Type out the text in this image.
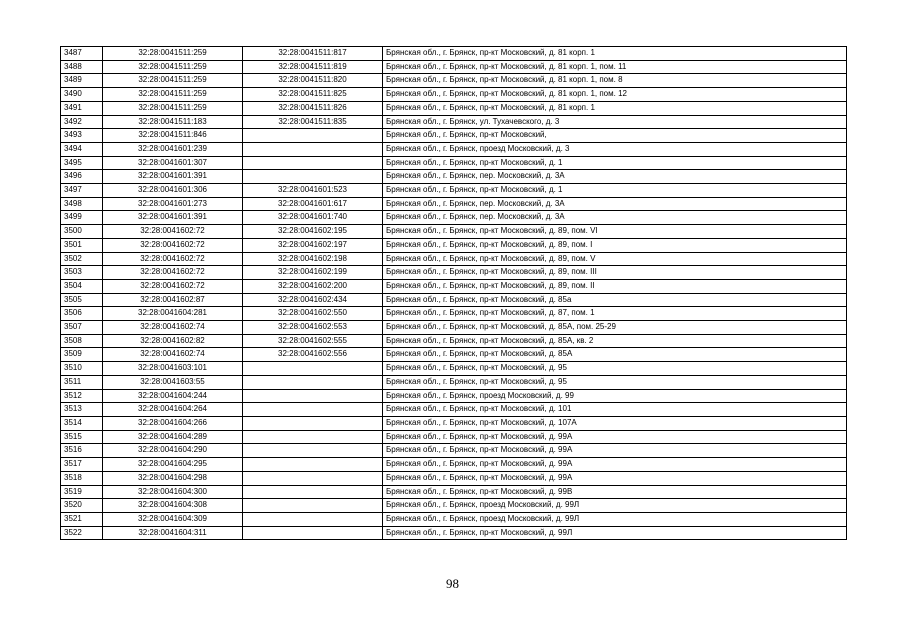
3487	32:28:0041511:259	32:28:0041511:817	Брянская обл., г. Брянск, пр-кт Московский, д. 81 корп. 1
3488	32:28:0041511:259	32:28:0041511:819	Брянская обл., г. Брянск, пр-кт Московский, д. 81 корп. 1, пом. 11
3489	32:28:0041511:259	32:28:0041511:820	Брянская обл., г. Брянск, пр-кт Московский, д. 81 корп. 1, пом. 8
3490	32:28:0041511:259	32:28:0041511:825	Брянская обл., г. Брянск, пр-кт Московский, д. 81 корп. 1, пом. 12
3491	32:28:0041511:259	32:28:0041511:826	Брянская обл., г. Брянск, пр-кт Московский, д. 81 корп. 1
3492	32:28:0041511:183	32:28:0041511:835	Брянская обл., г. Брянск, ул. Тухачевского, д. 3
3493	32:28:0041511:846		Брянская обл., г. Брянск, пр-кт Московский,
3494	32:28:0041601:239		Брянская обл., г. Брянск, проезд Московский, д. 3
3495	32:28:0041601:307		Брянская обл., г. Брянск, пр-кт Московский, д. 1
3496	32:28:0041601:391		Брянская обл., г. Брянск, пер. Московский, д. 3А
3497	32:28:0041601:306	32:28:0041601:523	Брянская обл., г. Брянск, пр-кт Московский, д. 1
3498	32:28:0041601:273	32:28:0041601:617	Брянская обл., г. Брянск, пер. Московский, д. 3А
3499	32:28:0041601:391	32:28:0041601:740	Брянская обл., г. Брянск, пер. Московский, д. 3А
3500	32:28:0041602:72	32:28:0041602:195	Брянская обл., г. Брянск, пр-кт Московский, д. 89, пом. VI
3501	32:28:0041602:72	32:28:0041602:197	Брянская обл., г. Брянск, пр-кт Московский, д. 89, пом. I
3502	32:28:0041602:72	32:28:0041602:198	Брянская обл., г. Брянск, пр-кт Московский, д. 89, пом. V
3503	32:28:0041602:72	32:28:0041602:199	Брянская обл., г. Брянск, пр-кт Московский, д. 89, пом. III
3504	32:28:0041602:72	32:28:0041602:200	Брянская обл., г. Брянск, пр-кт Московский, д. 89, пом. II
3505	32:28:0041602:87	32:28:0041602:434	Брянская обл., г. Брянск, пр-кт Московский, д. 85а
3506	32:28:0041604:281	32:28:0041602:550	Брянская обл., г. Брянск, пр-кт Московский, д. 87, пом. 1
3507	32:28:0041602:74	32:28:0041602:553	Брянская обл., г. Брянск, пр-кт Московский, д. 85А, пом. 25-29
3508	32:28:0041602:82	32:28:0041602:555	Брянская обл., г. Брянск, пр-кт Московский, д. 85А, кв. 2
3509	32:28:0041602:74	32:28:0041602:556	Брянская обл., г. Брянск, пр-кт Московский, д. 85А
3510	32:28:0041603:101		Брянская обл., г. Брянск, пр-кт Московский, д. 95
3511	32:28:0041603:55		Брянская обл., г. Брянск, пр-кт Московский, д. 95
3512	32:28:0041604:244		Брянская обл., г. Брянск, проезд Московский, д. 99
3513	32:28:0041604:264		Брянская обл., г. Брянск, пр-кт Московский, д. 101
3514	32:28:0041604:266		Брянская обл., г. Брянск, пр-кт Московский, д. 107А
3515	32:28:0041604:289		Брянская обл., г. Брянск, пр-кт Московский, д. 99А
3516	32:28:0041604:290		Брянская обл., г. Брянск, пр-кт Московский, д. 99А
3517	32:28:0041604:295		Брянская обл., г. Брянск, пр-кт Московский, д. 99А
3518	32:28:0041604:298		Брянская обл., г. Брянск, пр-кт Московский, д. 99А
3519	32:28:0041604:300		Брянская обл., г. Брянск, пр-кт Московский, д. 99В
3520	32:28:0041604:308		Брянская обл., г. Брянск, проезд Московский, д. 99Л
3521	32:28:0041604:309		Брянская обл., г. Брянск, проезд Московский, д. 99Л
3522	32:28:0041604:311		Брянская обл., г. Брянск, пр-кт Московский, д. 99Л
98
